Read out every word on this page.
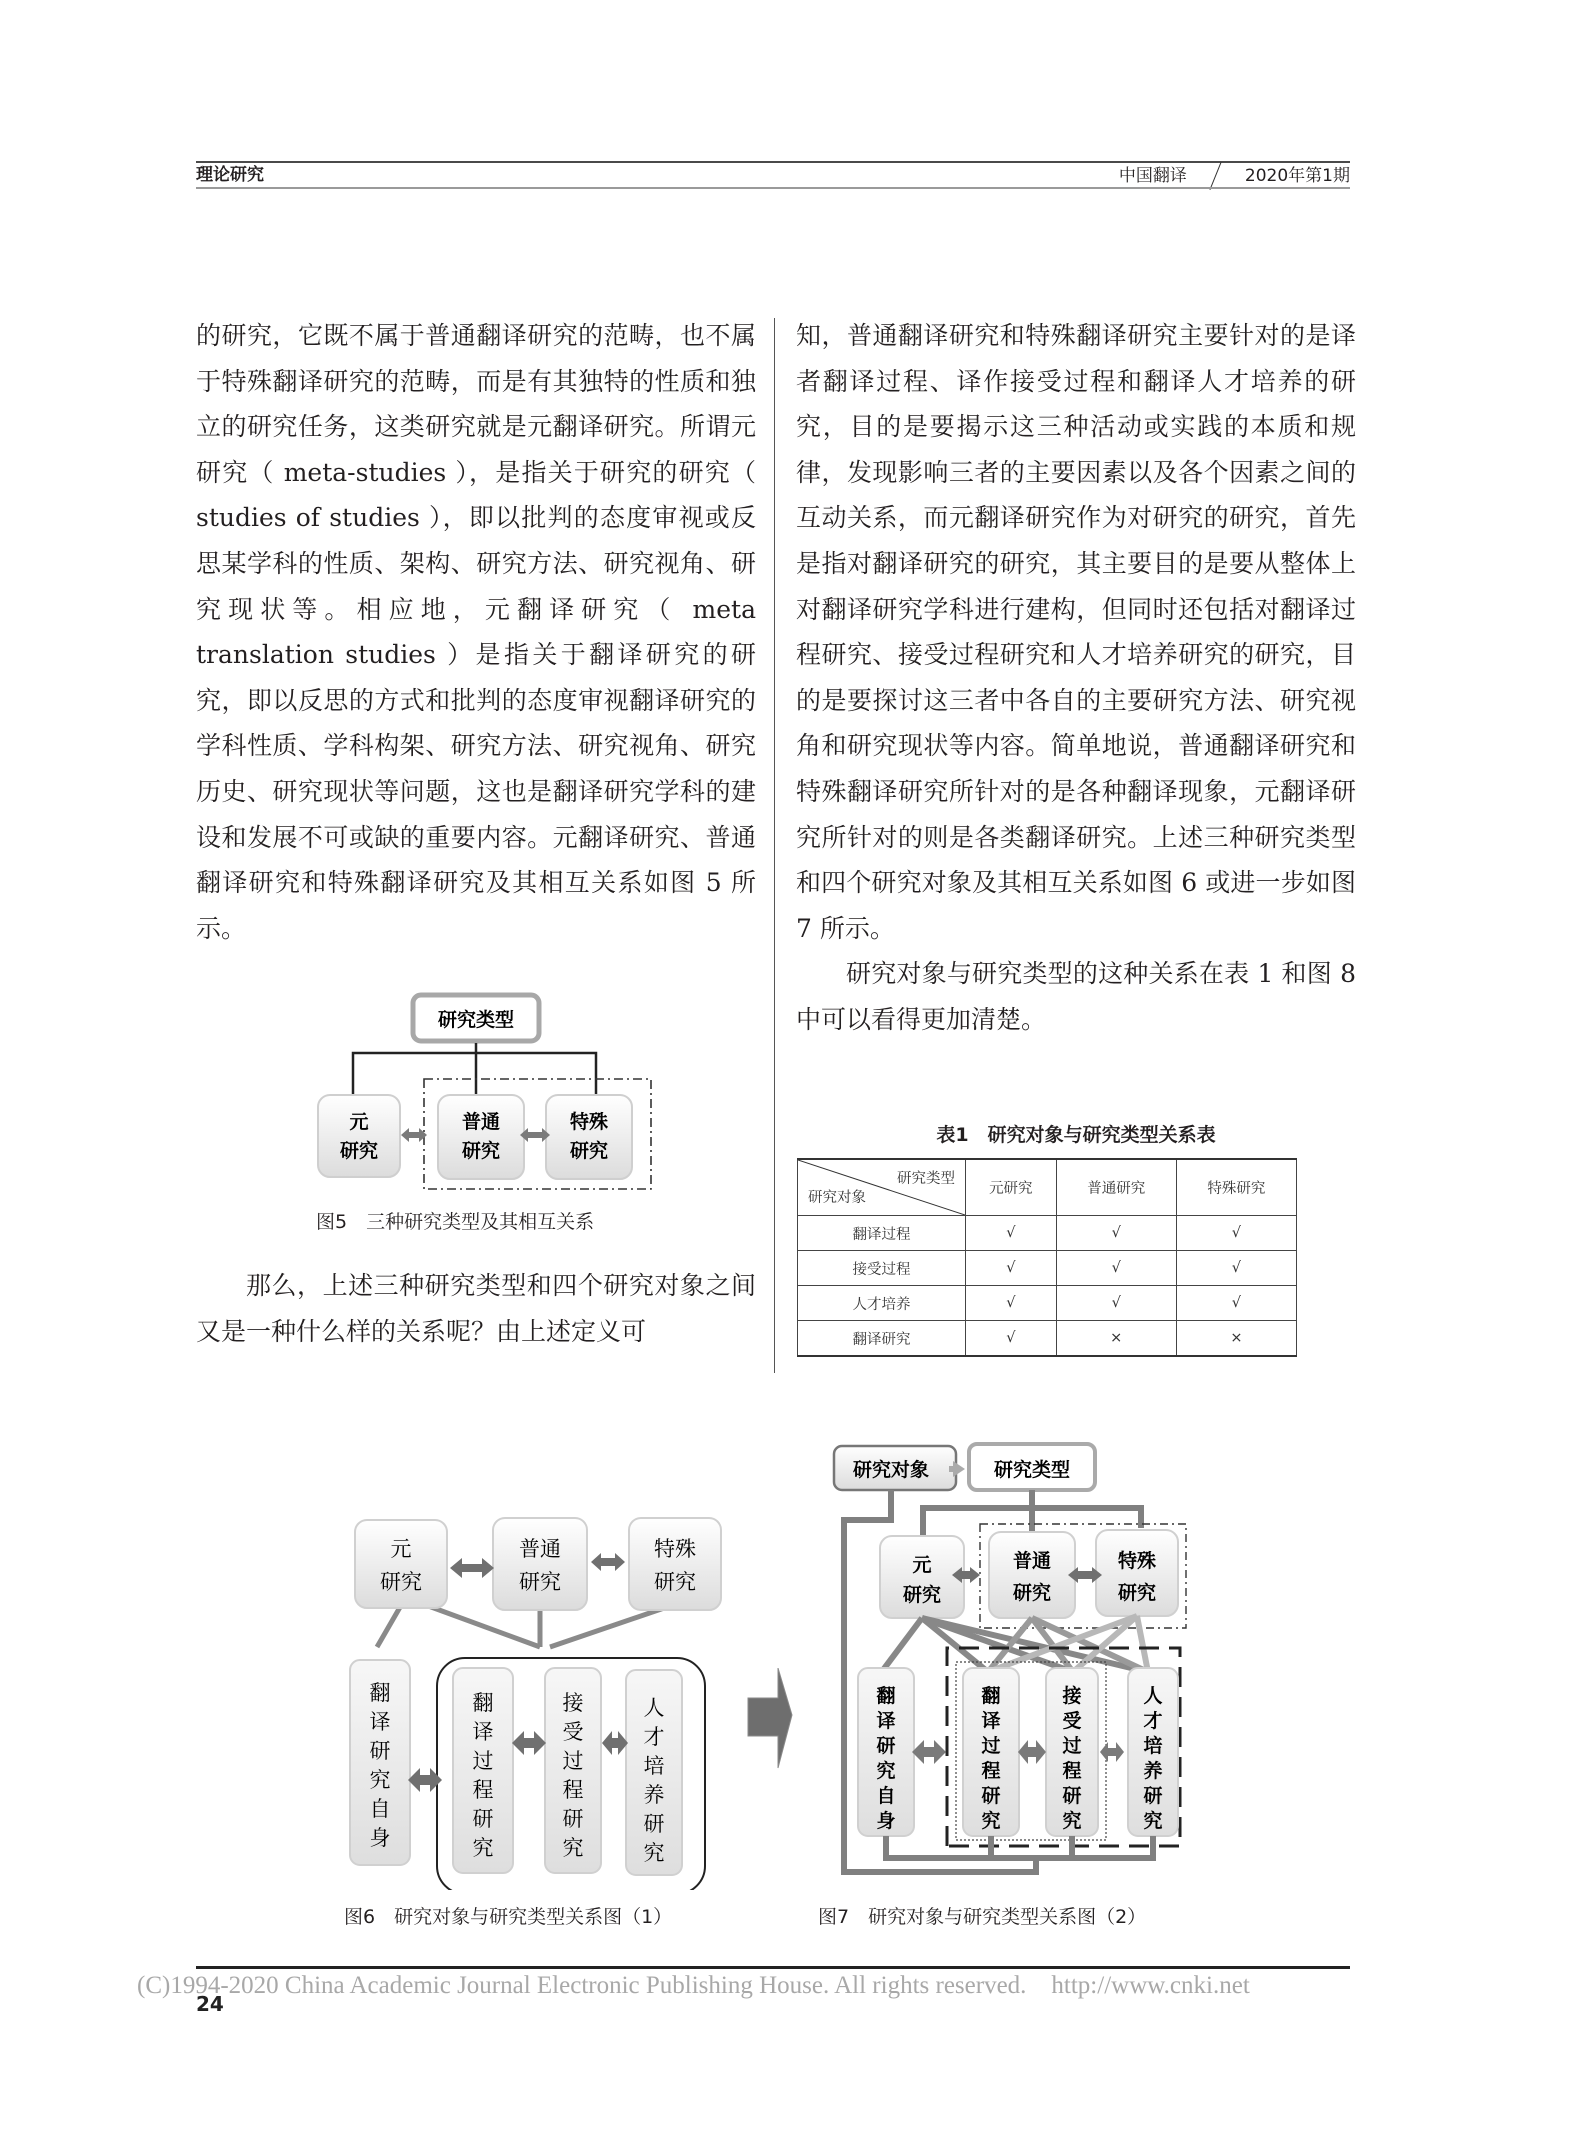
理论研究	中国翻译	2020年第1期

的研究，它既不属于普通翻译研究的范畴，也不属于特殊翻译研究的范畴，而是有其独特的性质和独立的研究任务，这类研究就是元翻译研究。所谓元研究（ meta-studies ），是指关于研究的研究（ studies of studies ），即以批判的态度审视或反思某学科的性质、架构、研究方法、研究视角、研究现状等。相应地，元翻译研究（ meta translation studies ）是指关于翻译研究的研究，即以反思的方式和批判的态度审视翻译研究的学科性质、学科构架、研究方法、研究视角、研究历史、研究现状等问题，这也是翻译研究学科的建设和发展不可或缺的重要内容。元翻译研究、普通翻译研究和特殊翻译研究及其相互关系如图 5 所示。

那么，上述三种研究类型和四个研究对象之间又是一种什么样的关系呢？由上述定义可

知，普通翻译研究和特殊翻译研究主要针对的是译者翻译过程、译作接受过程和翻译人才培养的研究，目的是要揭示这三种活动或实践的本质和规律，发现影响三者的主要因素以及各个因素之间的互动关系，而元翻译研究作为对研究的研究，首先是指对翻译研究的研究，其主要目的是要从整体上对翻译研究学科进行建构，但同时还包括对翻译过程研究、接受过程研究和人才培养研究的研究，目的是要探讨这三者中各自的主要研究方法、研究视角和研究现状等内容。简单地说，普通翻译研究和特殊翻译研究所针对的是各种翻译现象，元翻译研究所针对的则是各类翻译研究。上述三种研究类型和四个研究对象及其相互关系如图 6 或进一步如图 7 所示。

研究对象与研究类型的这种关系在表 1 和图 8 中可以看得更加清楚。

研究类型
元
研究
普通
研究
特殊
研究
图5　三种研究类型及其相互关系
表1　研究对象与研究类型关系表
研究类型
研究对象	元研究	普通研究	特殊研究
翻译过程	√	√	√
接受过程	√	√	√
人才培养	√	√	√
翻译研究	√	×	×
元
研究
普通
研究
特殊
研究
翻译研究自身
翻译过程研究
接受过程研究
人才培养研究
图6　研究对象与研究类型关系图（1）
研究对象	研究类型
元
研究
普通
研究
特殊
研究
翻译研究自身
翻译过程研究
接受过程研究
人才培养研究
图7　研究对象与研究类型关系图（2）
(C)1994-2020 China Academic Journal Electronic Publishing House. All rights reserved.    http://www.cnki.net
24
